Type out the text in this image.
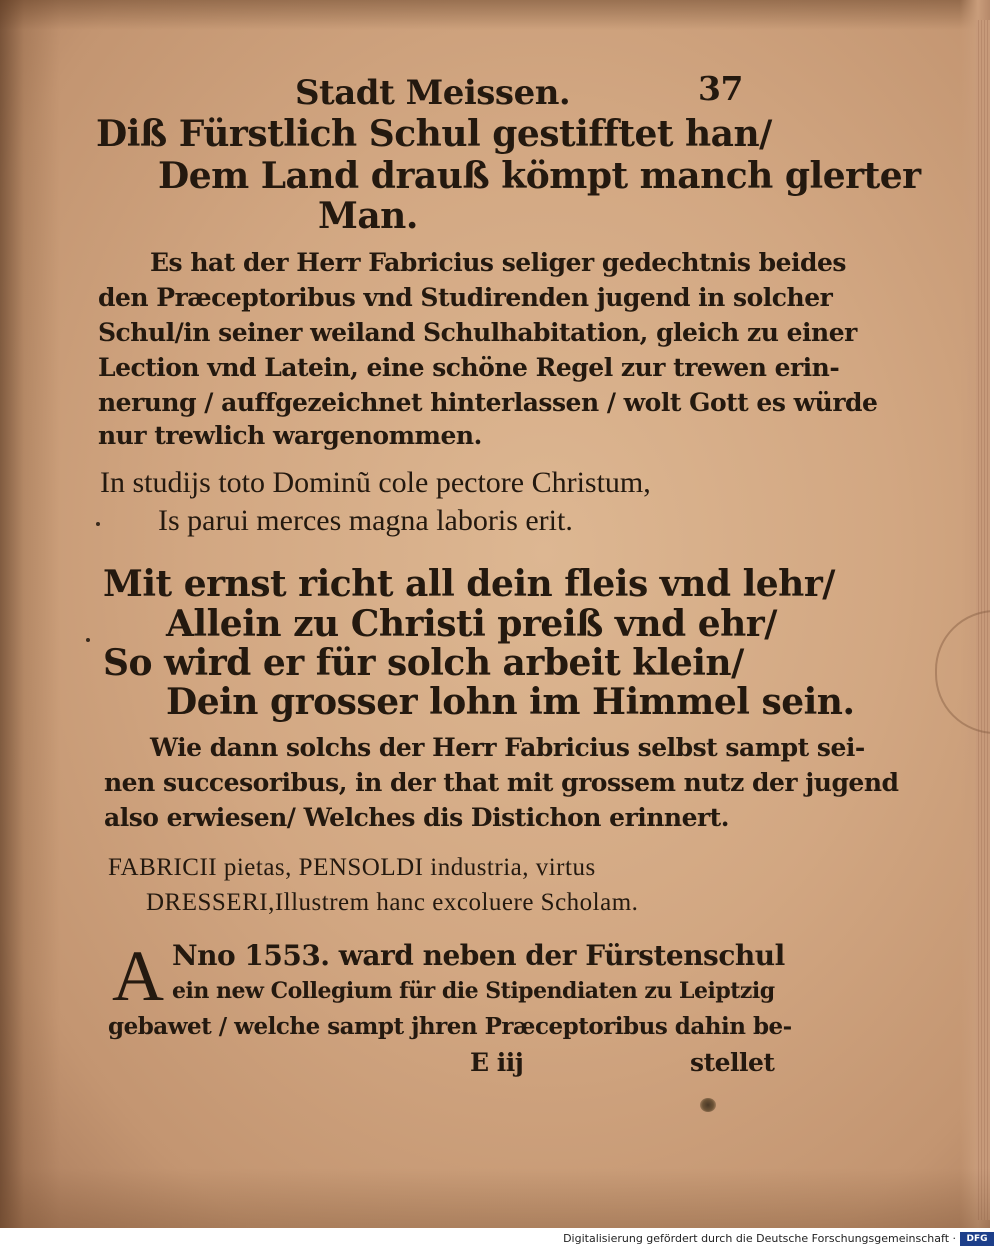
Stadt Meissen.	37
Diß Fürstlich Schul gestifftet han/
Dem Land drauß kömpt manch glerter
Man.
Es hat der Herr Fabricius seliger gedechtnis beides
den Præceptoribus vnd Studirenden jugend in solcher
Schul/in seiner weiland Schulhabitation, gleich zu einer
Lection vnd Latein, eine schöne Regel zur trewen erin-
nerung / auffgezeichnet hinterlassen / wolt Gott es würde
nur trewlich wargenommen.
In studijs toto Dominũ cole pectore Christum,
Is parui merces magna laboris erit.
Mit ernst richt all dein fleis vnd lehr/
Allein zu Christi preiß vnd ehr/
So wird er für solch arbeit klein/
Dein grosser lohn im Himmel sein.
Wie dann solchs der Herr Fabricius selbst sampt sei-
nen succesoribus, in der that mit grossem nutz der jugend
also erwiesen/ Welches dis Distichon erinnert.
FABRICII pietas, PENSOLDI industria, virtus
DRESSERI,Illustrem hanc excoluere Scholam.
A Nno 1553. ward neben der Fürstenschul
ein new Collegium für die Stipendiaten zu Leiptzig
gebawet / welche sampt jhren Præceptoribus dahin be-
E iij	stellet
Digitalisierung gefördert durch die Deutsche Forschungsgemeinschaft ·	DFG
